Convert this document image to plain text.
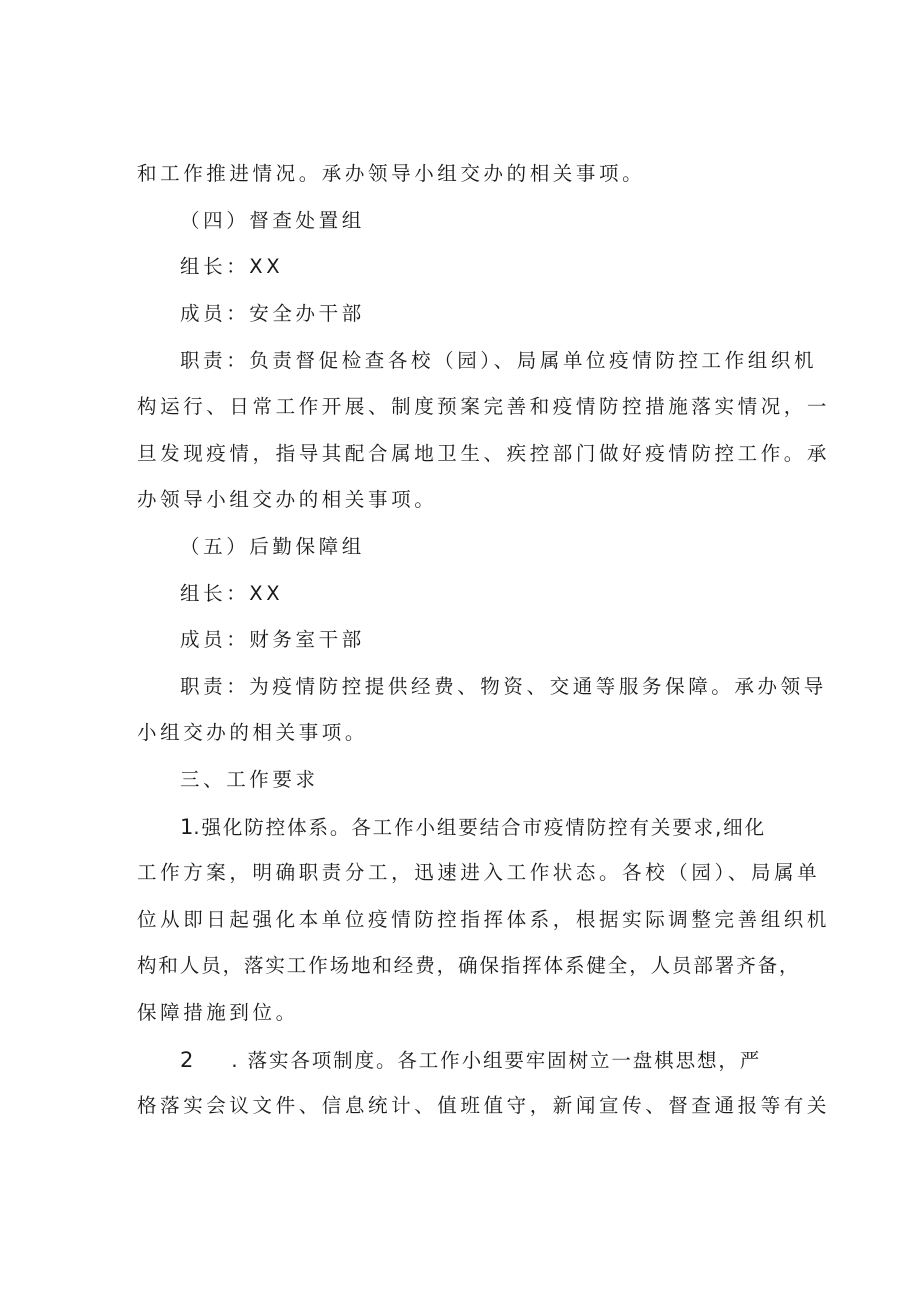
和工作推进情况。承办领导小组交办的相关事项。
（四）督查处置组
组长：XX
成员：安全办干部
职责：负责督促检查各校（园）、局属单位疫情防控工作组织机
构运行、日常工作开展、制度预案完善和疫情防控措施落实情况，一
旦发现疫情，指导其配合属地卫生、疾控部门做好疫情防控工作。承
办领导小组交办的相关事项。
（五）后勤保障组
组长：XX
成员：财务室干部
职责：为疫情防控提供经费、物资、交通等服务保障。承办领导
小组交办的相关事项。
三、工作要求
1.强化防控体系。各工作小组要结合市疫情防控有关要求,细化
工作方案，明确职责分工，迅速进入工作状态。各校（园）、局属单
位从即日起强化本单位疫情防控指挥体系，根据实际调整完善组织机
构和人员，落实工作场地和经费，确保指挥体系健全，人员部署齐备，
保障措施到位。
2 . 落实各项制度。各工作小组要牢固树立一盘棋思想，严
格落实会议文件、信息统计、值班值守，新闻宣传、督查通报等有关
